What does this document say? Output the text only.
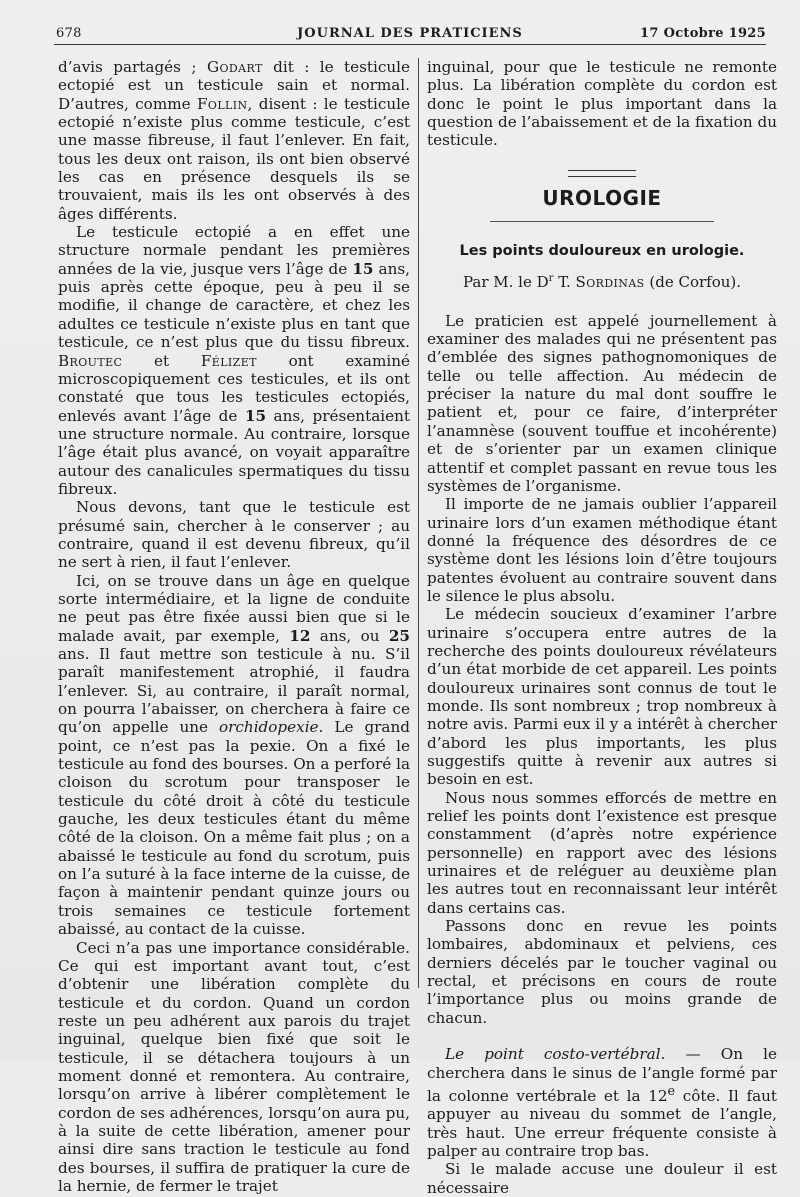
678	JOURNAL DES PRATICIENS	17 Octobre 1925

d’avis partagés ; Godart dit : le testicule ectopié est un testicule sain et normal. D’autres, comme Follin, disent : le testicule ectopié n’existe plus comme testicule, c’est une masse fibreuse, il faut l’enlever. En fait, tous les deux ont raison, ils ont bien observé les cas en présence desquels ils se trouvaient, mais ils les ont observés à des âges différents.

Le testicule ectopié a en effet une structure normale pendant les premières années de la vie, jusque vers l’âge de 15 ans, puis après cette époque, peu à peu il se modifie, il change de caractère, et chez les adultes ce testicule n’existe plus en tant que testicule, ce n’est plus que du tissu fibreux. Broutec et Félizet ont examiné microscopiquement ces testicules, et ils ont constaté que tous les testicules ectopiés, enlevés avant l’âge de 15 ans, présentaient une structure normale. Au contraire, lorsque l’âge était plus avancé, on voyait apparaître autour des canalicules spermatiques du tissu fibreux.

Nous devons, tant que le testicule est présumé sain, chercher à le conserver ; au contraire, quand il est devenu fibreux, qu’il ne sert à rien, il faut l’enlever.

Ici, on se trouve dans un âge en quelque sorte intermédiaire, et la ligne de conduite ne peut pas être fixée aussi bien que si le malade avait, par exemple, 12 ans, ou 25 ans. Il faut mettre son testicule à nu. S’il paraît manifestement atrophié, il faudra l’enlever. Si, au contraire, il paraît normal, on pourra l’abaisser, on cherchera à faire ce qu’on appelle une orchidopexie. Le grand point, ce n’est pas la pexie. On a fixé le testicule au fond des bourses. On a perforé la cloison du scrotum pour transposer le testicule du côté droit à côté du testicule gauche, les deux testicules étant du même côté de la cloison. On a même fait plus ; on a abaissé le testicule au fond du scrotum, puis on l’a suturé à la face interne de la cuisse, de façon à maintenir pendant quinze jours ou trois semaines ce testicule fortement abaissé, au contact de la cuisse.

Ceci n’a pas une importance considérable. Ce qui est important avant tout, c’est d’obtenir une libération complète du testicule et du cordon. Quand un cordon reste un peu adhérent aux parois du trajet inguinal, quelque bien fixé que soit le testicule, il se détachera toujours à un moment donné et remontera. Au contraire, lorsqu’on arrive à libérer complètement le cordon de ses adhérences, lorsqu’on aura pu, à la suite de cette libération, amener pour ainsi dire sans traction le testicule au fond des bourses, il suffira de pratiquer la cure de la hernie, de fermer le trajet

inguinal, pour que le testicule ne remonte plus. La libération complète du cordon est donc le point le plus important dans la question de l’abaissement et de la fixation du testicule.

UROLOGIE
Les points douloureux en urologie.
Par M. le $D^r$ T. Sordinas (de Corfou).

Le praticien est appelé journellement à examiner des malades qui ne présentent pas d’emblée des signes pathognomoniques de telle ou telle affection. Au médecin de préciser la nature du mal dont souffre le patient et, pour ce faire, d’interpréter l’anamnèse (souvent touffue et incohérente) et de s’orienter par un examen clinique attentif et complet passant en revue tous les systèmes de l’organisme.

Il importe de ne jamais oublier l’appareil urinaire lors d’un examen méthodique étant donné la fréquence des désordres de ce système dont les lésions loin d’être toujours patentes évoluent au contraire souvent dans le silence le plus absolu.

Le médecin soucieux d’examiner l’arbre urinaire s’occupera entre autres de la recherche des points douloureux révélateurs d’un état morbide de cet appareil. Les points douloureux urinaires sont connus de tout le monde. Ils sont nombreux ; trop nombreux à notre avis. Parmi eux il y a intérêt à chercher d’abord les plus importants, les plus suggestifs quitte à revenir aux autres si besoin en est.

Nous nous sommes efforcés de mettre en relief les points dont l’existence est presque constamment (d’après notre expérience personnelle) en rapport avec des lésions urinaires et de reléguer au deuxième plan les autres tout en reconnaissant leur intérêt dans certains cas.

Passons donc en revue les points lombaires, abdominaux et pelviens, ces derniers décelés par le toucher vaginal ou rectal, et précisons en cours de route l’importance plus ou moins grande de chacun.

Le point costo-vertébral. — On le cherchera dans le sinus de l’angle formé par la colonne vertébrale et la 12e côte. Il faut appuyer au niveau du sommet de l’angle, très haut. Une erreur fréquente consiste à palper au contraire trop bas.

Si le malade accuse une douleur il est nécessaire
